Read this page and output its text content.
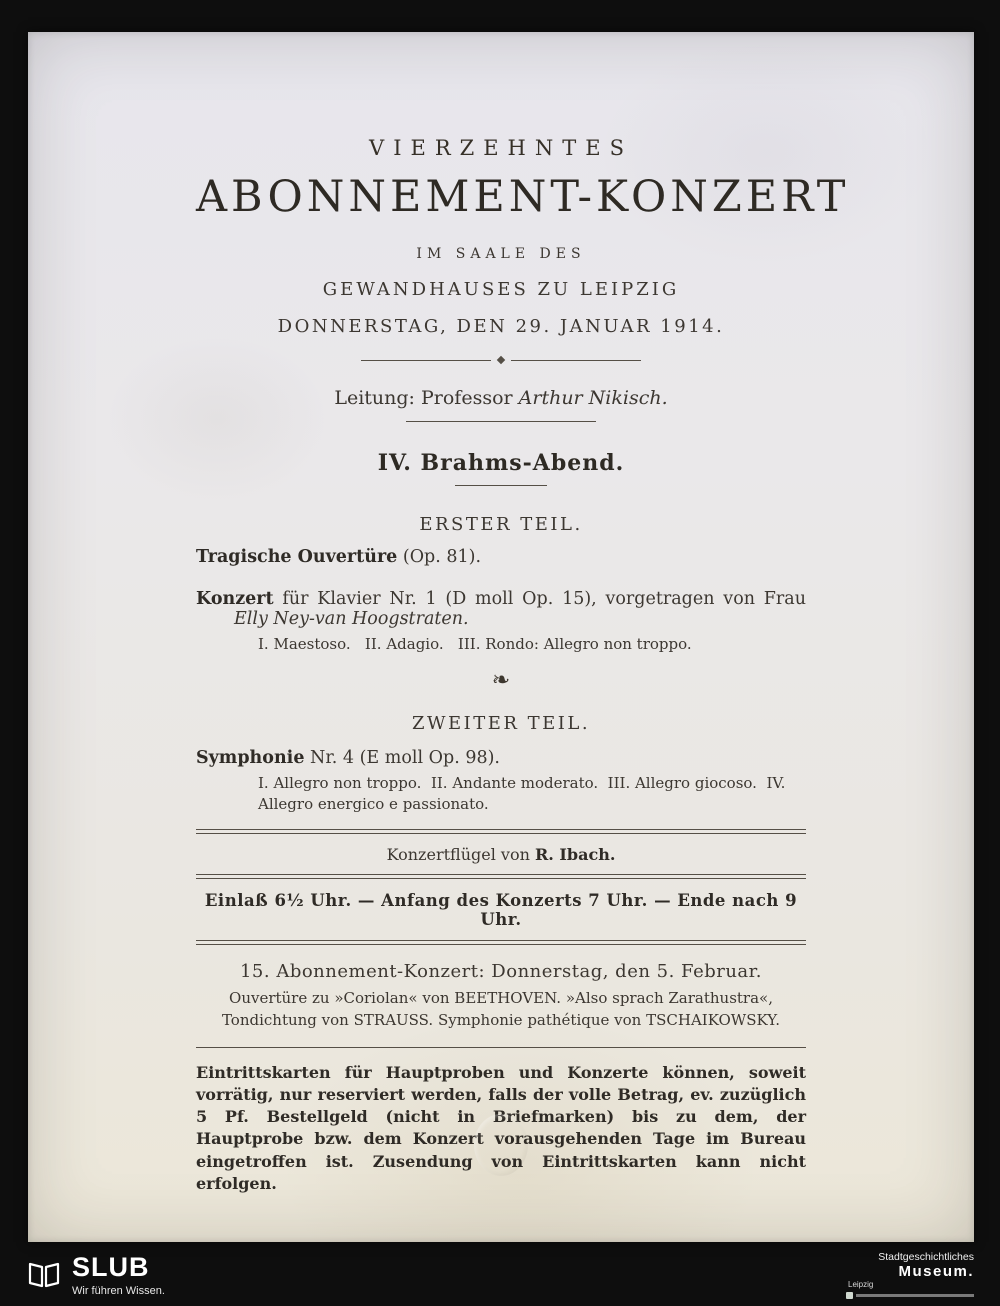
VIERZEHNTES
ABONNEMENT-KONZERT
IM SAALE DES
GEWANDHAUSES ZU LEIPZIG
DONNERSTAG, DEN 29. JANUAR 1914.
Leitung: Professor Arthur Nikisch.
IV. Brahms-Abend.
ERSTER TEIL.
Tragische Ouvertüre (Op. 81).
Konzert für Klavier Nr. 1 (D moll Op. 15), vorgetragen von Frau
Elly Ney-van Hoogstraten.
I. Maestoso.   II. Adagio.   III. Rondo: Allegro non troppo.
❧
ZWEITER TEIL.
Symphonie Nr. 4 (E moll Op. 98).
I. Allegro non troppo.  II. Andante moderato.  III. Allegro giocoso.  IV. Allegro energico e passionato.
Konzertflügel von R. Ibach.
Einlaß 6½ Uhr. — Anfang des Konzerts 7 Uhr. — Ende nach 9 Uhr.
15. Abonnement-Konzert: Donnerstag, den 5. Februar.
Ouvertüre zu »Coriolan« von BEETHOVEN. »Also sprach Zarathustra«, Tondichtung von STRAUSS. Symphonie pathétique von TSCHAIKOWSKY.
Eintrittskarten für Hauptproben und Konzerte können, soweit vorrätig, nur reserviert werden, falls der volle Betrag, ev. zuzüglich 5 Pf. Bestellgeld (nicht in Briefmarken) bis zu dem, der Hauptprobe bzw. dem Konzert vorausgehenden Tage im Bureau eingetroffen ist. Zusendung von Eintrittskarten kann nicht erfolgen.
SLUB
Wir führen Wissen.
Stadtgeschichtliches
Museum.
Leipzig
